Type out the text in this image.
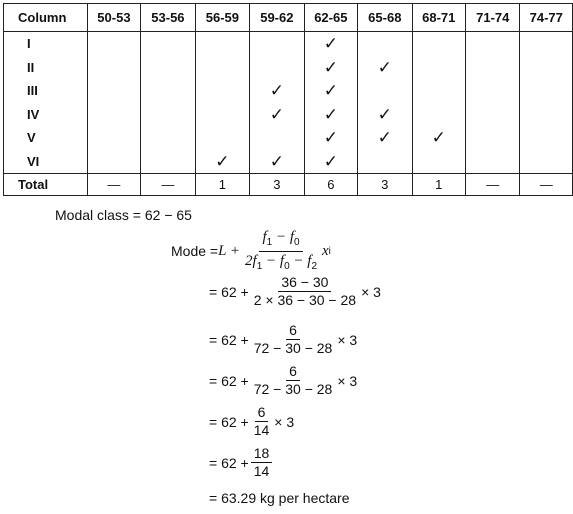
Column	50-53	53-56	56-59	59-62	62-65	65-68	68-71	71-74	74-77
I					✓				
II					✓	✓			
III				✓	✓				
IV				✓	✓	✓			
V					✓	✓	✓		
VI			✓	✓	✓				
Total	—	—	1	3	6	3	1	—	—
Modal class = 62 − 65
Mode = $L + \frac{f_1 - f_0}{2f_1 - f_0 - f_2}$ x i
= $62 + \frac{36 - 30}{2 \times 36 - 30 - 28} \times 3$
= $62 + \frac{6}{72 - 30 - 28} \times 3$
= $62 + \frac{6}{72 - 30 - 28} \times 3$
= $62 + \frac{6}{14} \times 3$
= $62 + \frac{18}{14}$
= 63.29 kg per hectare
